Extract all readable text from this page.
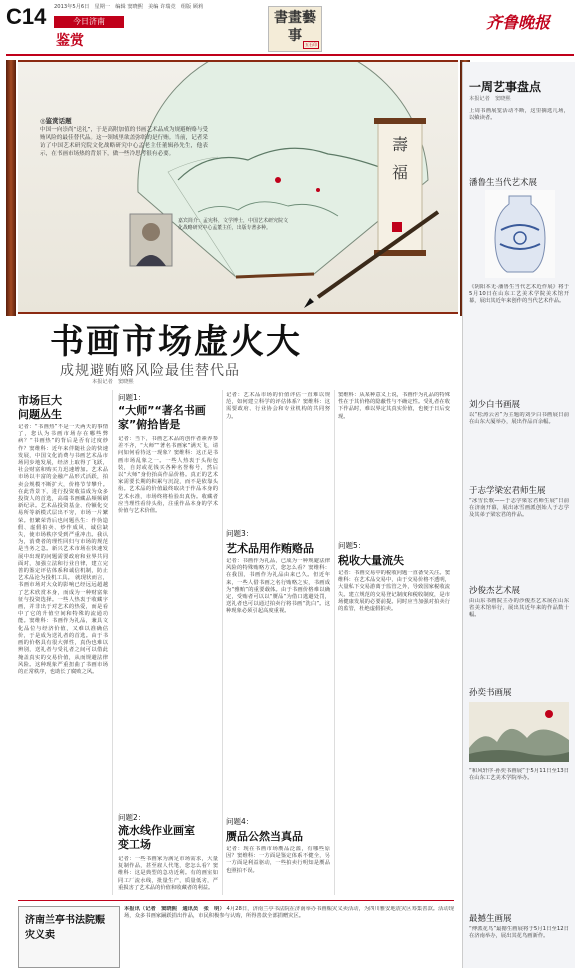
C14 2013年5月6日　星期一　编辑 窦晓熙　美编 许瑞竞　组版 顾莉
今日济南
鉴赏
書畫藝事
五石印
齐鲁晚报
壽
福
◎鉴赏话题
中国一向崇尚“送礼”，于是高附加值的书画艺术品成为规避贿赂与受贿风险的最佳替代品。这一领域里欲盖弥彰的是行贿。当前，记者采访了中国艺术研究院文化战略研究中心孟老主任董辑孙先生，他表示，在书画市场热的背景下，做一些冷思考很有必要。
嘉宾简介：孟宪科，文学博士，中国艺术研究院文化战略研究中心孟董主任，出版专著多种。
书画市场虚火大
成规避贿赂风险最佳替代品
本报记者　窦晓熙
市场巨大
问题丛生
记者：“书画热”不是一天两天的事情了，您认为书画市场存在哪些弊病？“书画热”的背后是否有过度炒作？窦维科：近年来伴随社会的快速发展，中国文化消费与书画艺术品市场同步地发展，经济上取得了飞跃，社会财富和购买力迅速增加。艺术品市场以丰富的金融产品形式活跃，拍卖会规模不断扩大，价格节节攀升。在此背景下，进行投资收益成为众多投资人的首选，高端书画藏品频频刷新纪录。艺术品投资基金、份额化交易所等新模式层出不穷，市场一片繁荣。但繁荣背后也问题丛生：作伪造假、虚假拍卖、炒作成风、诚信缺失，使市场秩序受到严重冲击。我认为，消费者的理性回归与市场的规范是当务之急。新兴艺术市场在快速发展中出现的问题需要政府和业界共同面对，加强立法和行业自律，建立完善的鉴定评估体系和诚信机制，防止艺术品沦为投机工具。 就现状而言，书画市场对大众的影响已经远远超越了艺术欣赏本身，而成为一种财富象征与投资选择。一些人热衷于收藏字画，并非出于对艺术的热爱，而是看中了它的升值空间和特殊的流通功能。窦维科：书画作为礼品，兼具文化品位与经济价值，又难以准确估价，于是成为送礼者的首选。由于书画的价格具有很大弹性，真伪也难以辨别，送礼者与受礼者之间可以借此掩盖真实的交易价值，从而规避法律风险。这种现象严重扭曲了书画市场的正常秩序，也助长了腐败之风。
问题1：
“大师”“著名书画家”俯拾皆是
记者：当下，书画艺术品的创作者素养参差不齐，“大师”“著名书画家”满天飞，请问如何看待这一现象？窦维科：这正是书画市场乱象之一。一些人热衷于头衔包装，自封或花钱买各种名誉称号，然后以“大师”身份抬高作品价格。真正的艺术家需要长期的积累与沉淀，而不是依靠头衔。艺术品的价值最终取决于作品本身的艺术水准，市场终将检验出真伪。收藏者应当理性看待头衔，注重作品本身的学术价值与艺术价值。
问题2：
流水线作业画室变工场
记者：一些书画家为满足市场需求，大量复制作品，甚至雇人代笔，您怎么看？窦维科：这是典型的急功近利。有的画室如同工厂流水线，批量生产，质量低劣，严重损害了艺术品的价值和收藏者的利益。
记者：艺术品市场的价值评估一直难以规范，如何建立科学的评估体系？窦维科：这需要政府、行业协会和专业机构的共同努力。
问题3：
艺术品用作贿赂品
记者：书画作为礼品，已成为一种规避法律风险的特殊贿赂方式，您怎么看？窦维科：在我国，书画作为礼品由来已久。但近年来，一些人借书画之名行贿赂之实，书画成为“雅贿”的重要载体。由于书画价格难以确定，受贿者可以以“赝品”为借口逃避处罚，送礼者也可以通过拍卖行将书画“洗白”。这种现象必须引起高度重视。
问题4：
赝品公然当真品
记者：现在书画市场赝品泛滥，有哪些原因？窦维科：一方面是鉴定体系不健全，另一方面是利益驱动，一些拍卖行明知是赝品也照拍不误。
窦维科：从某种意义上说，书画作为礼品的特殊性在于其价格的隐蔽性与不确定性。受礼者在收下作品时，难以界定其真实价值，也便于日后变现。
问题5：
税收大量流失
记者：书画交易中的税收问题一直备受关注。窦维科：在艺术品交易中，由于交易价格不透明，大量私下交易游离于监管之外，导致国家税收流失。建立规范的交易登记制度和税收制度，是市场健康发展的必要前提。同时应当加强对拍卖行的监管，杜绝虚假拍卖。
济南兰亭书法院赈灾义卖
本报讯（记者　窦晓熙　通讯员　张　明） 4月28日，济南兰亭书法院在济南举办书画赈灾义卖活动，为四川雅安地震灾区筹集善款。活动现场，众多书画家踊跃捐出作品，市民积极参与认购，所得善款全部捐赠灾区。
一周艺事盘点
本报记者　窦晓熙
上周书画展览活动不断，这里摘选几场，以飨读者。
潘鲁生当代艺术展
《阴阳本无·潘鲁生当代艺术近作展》将于5月10日在山东工艺美术学院美术馆开幕，展出其近年来创作的当代艺术作品。
刘少白书画展
以“松涛云舍”为主题的刘少白书画展日前在山东大厦举办，展出作品百余幅。
于志学梁宏君师生展
“冰雪长歌——于志学梁宏君师生展”日前在济南开幕，展出冰雪画派创始人于志学及其弟子梁宏君的作品。
沙俊杰艺术展
由山东书画院主办的沙俊杰艺术展在山东省美术馆举行，展出其近年来的作品数十幅。
孙奕书画展
“和风轩序·孙奕书画展”于5月11日至13日在山东工艺美术学院举办。
最撼生画展
“傅派花鸟”最撼生画展将于5月1日至12日在济南举办，展出其花鸟画新作。
